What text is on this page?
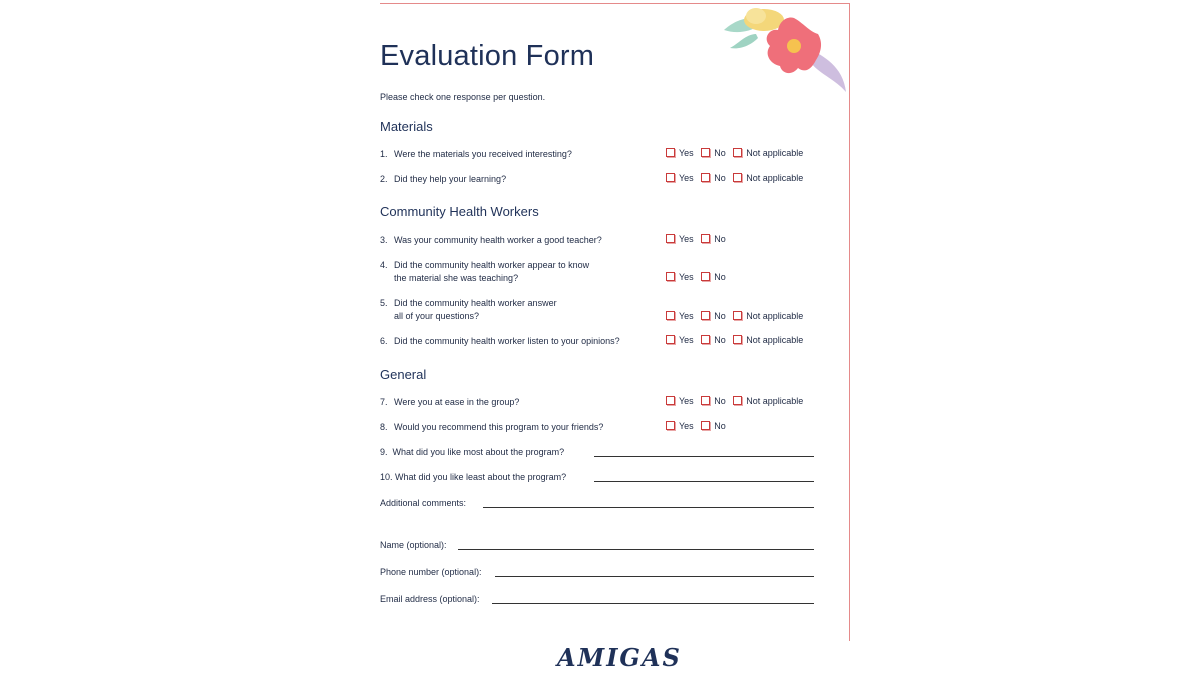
Evaluation Form
Please check one response per question.
Materials
1. Were the materials you received interesting?	Yes No Not applicable
2. Did they help your learning?	Yes No Not applicable
Community Health Workers
3. Was your community health worker a good teacher?	Yes No
4. Did the community health worker appear to know
the material she was teaching?	Yes No
5. Did the community health worker answer
all of your questions?	Yes No Not applicable
6. Did the community health worker listen to your opinions?	Yes No Not applicable
General
7. Were you at ease in the group?	Yes No Not applicable
8. Would you recommend this program to your friends?	Yes No
9.  What did you like most about the program?
10. What did you like least about the program?
Additional comments:
Name (optional):
Phone number (optional):
Email address (optional):
AMIGAS
